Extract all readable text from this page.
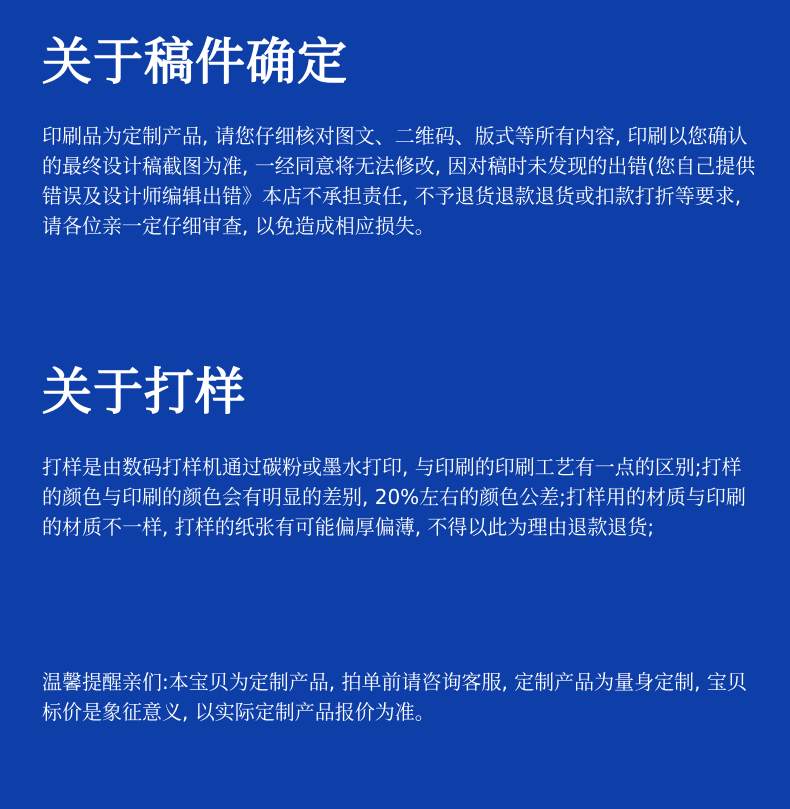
关于稿件确定

印刷品为定制产品, 请您仔细核对图文、二维码、版式等所有内容, 印刷以您确认的最终设计稿截图为准, 一经同意将无法修改, 因对稿时未发现的出错(您自己提供错误及设计师编辑出错》本店不承担责任, 不予退货退款退货或扣款打折等要求, 请各位亲一定仔细审查, 以免造成相应损失。

关于打样

打样是由数码打样机通过碳粉或墨水打印, 与印刷的印刷工艺有一点的区别;打样的颜色与印刷的颜色会有明显的差别, 20%左右的颜色公差;打样用的材质与印刷的材质不一样, 打样的纸张有可能偏厚偏薄, 不得以此为理由退款退货;

温馨提醒亲们:本宝贝为定制产品, 拍单前请咨询客服, 定制产品为量身定制, 宝贝标价是象征意义, 以实际定制产品报价为准。
